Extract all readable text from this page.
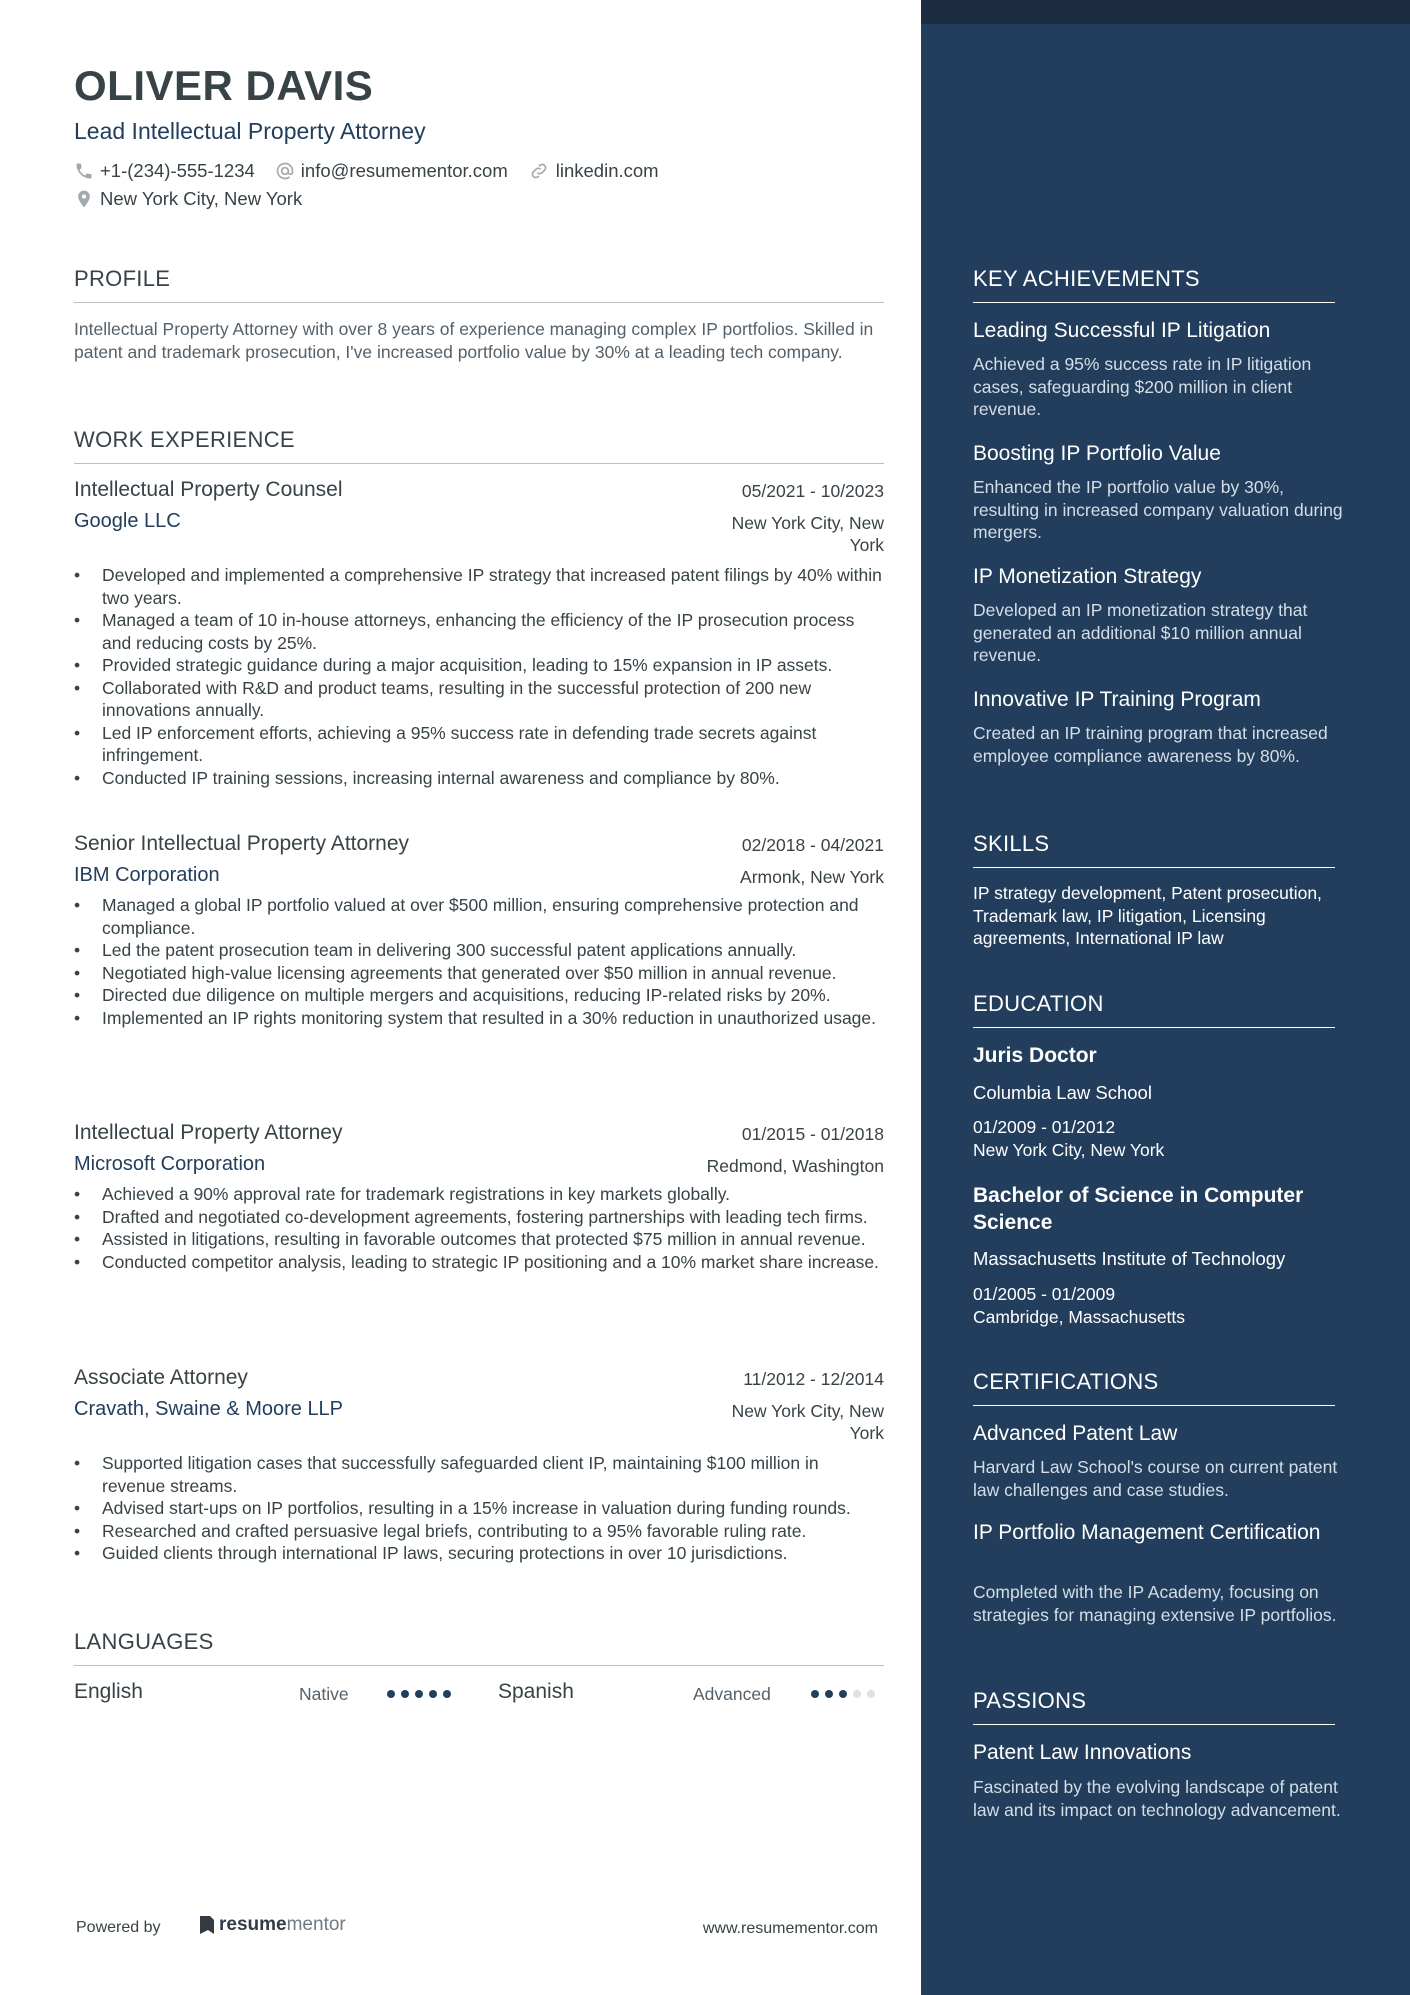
OLIVER DAVIS
Lead Intellectual Property Attorney
+1-(234)-555-1234 info@resumementor.com	linkedin.com
New York City, New York
PROFILE
Intellectual Property Attorney with over 8 years of experience managing complex IP portfolios. Skilled in patent and trademark prosecution, I've increased portfolio value by 30% at a leading tech company.
WORK EXPERIENCE
Intellectual Property Counsel	05/2021 - 10/2023
Google LLC	New York City, New
York
• Developed and implemented a comprehensive IP strategy that increased patent filings by 40% within two years.
• Managed a team of 10 in-house attorneys, enhancing the efficiency of the IP prosecution process and reducing costs by 25%.
• Provided strategic guidance during a major acquisition, leading to 15% expansion in IP assets.
• Collaborated with R&D and product teams, resulting in the successful protection of 200 new innovations annually.
• Led IP enforcement efforts, achieving a 95% success rate in defending trade secrets against infringement.
• Conducted IP training sessions, increasing internal awareness and compliance by 80%.
Senior Intellectual Property Attorney	02/2018 - 04/2021
IBM Corporation	Armonk, New York
• Managed a global IP portfolio valued at over $500 million, ensuring comprehensive protection and compliance.
• Led the patent prosecution team in delivering 300 successful patent applications annually.
• Negotiated high-value licensing agreements that generated over $50 million in annual revenue.
• Directed due diligence on multiple mergers and acquisitions, reducing IP-related risks by 20%.
• Implemented an IP rights monitoring system that resulted in a 30% reduction in unauthorized usage.
Intellectual Property Attorney	01/2015 - 01/2018
Microsoft Corporation	Redmond, Washington
• Achieved a 90% approval rate for trademark registrations in key markets globally.
• Drafted and negotiated co-development agreements, fostering partnerships with leading tech firms.
• Assisted in litigations, resulting in favorable outcomes that protected $75 million in annual revenue.
• Conducted competitor analysis, leading to strategic IP positioning and a 10% market share increase.
Associate Attorney	11/2012 - 12/2014
Cravath, Swaine & Moore LLP	New York City, New
York
• Supported litigation cases that successfully safeguarded client IP, maintaining $100 million in revenue streams.
• Advised start-ups on IP portfolios, resulting in a 15% increase in valuation during funding rounds.
• Researched and crafted persuasive legal briefs, contributing to a 95% favorable ruling rate.
• Guided clients through international IP laws, securing protections in over 10 jurisdictions.
LANGUAGES
English	Native	Spanish	Advanced
Powered by	resume mentor	www.resumementor.com
KEY ACHIEVEMENTS
Leading Successful IP Litigation
Achieved a 95% success rate in IP litigation cases, safeguarding $200 million in client revenue.
Boosting IP Portfolio Value
Enhanced the IP portfolio value by 30%, resulting in increased company valuation during mergers.
IP Monetization Strategy
Developed an IP monetization strategy that generated an additional $10 million annual revenue.
Innovative IP Training Program
Created an IP training program that increased employee compliance awareness by 80%.
SKILLS
IP strategy development, Patent prosecution, Trademark law, IP litigation, Licensing agreements, International IP law
EDUCATION
Juris Doctor
Columbia Law School
01/2009 - 01/2012
New York City, New York
Bachelor of Science in Computer Science
Massachusetts Institute of Technology
01/2005 - 01/2009
Cambridge, Massachusetts
CERTIFICATIONS
Advanced Patent Law
Harvard Law School's course on current patent law challenges and case studies.
IP Portfolio Management Certification
Completed with the IP Academy, focusing on strategies for managing extensive IP portfolios.
PASSIONS
Patent Law Innovations
Fascinated by the evolving landscape of patent law and its impact on technology advancement.
